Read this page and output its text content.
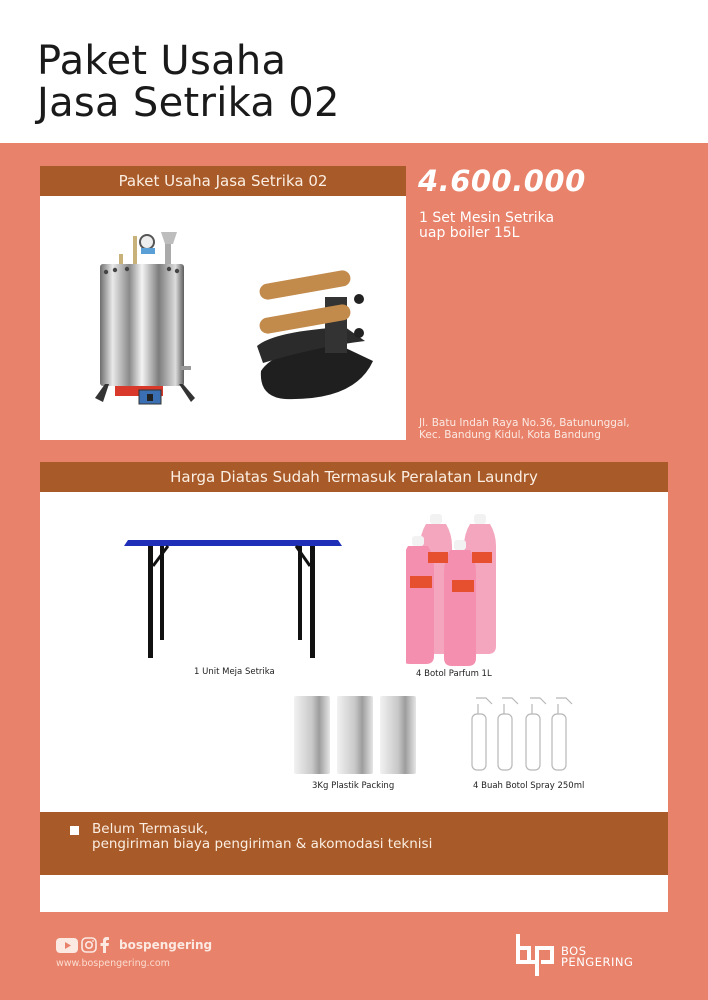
Paket Usaha
Jasa Setrika 02
Paket Usaha Jasa Setrika 02	4.600.000
1 Set Mesin Setrika
uap boiler 15L
Jl. Batu Indah Raya No.36, Batununggal,
Kec. Bandung Kidul, Kota Bandung
Harga Diatas Sudah Termasuk Peralatan Laundry
1 Unit Meja Setrika	4 Botol Parfum 1L
3Kg Plastik Packing	4 Buah Botol Spray 250ml
Belum Termasuk,
pengiriman biaya pengiriman & akomodasi teknisi
bospengering
www.bospengering.com
BOS
PENGERING
